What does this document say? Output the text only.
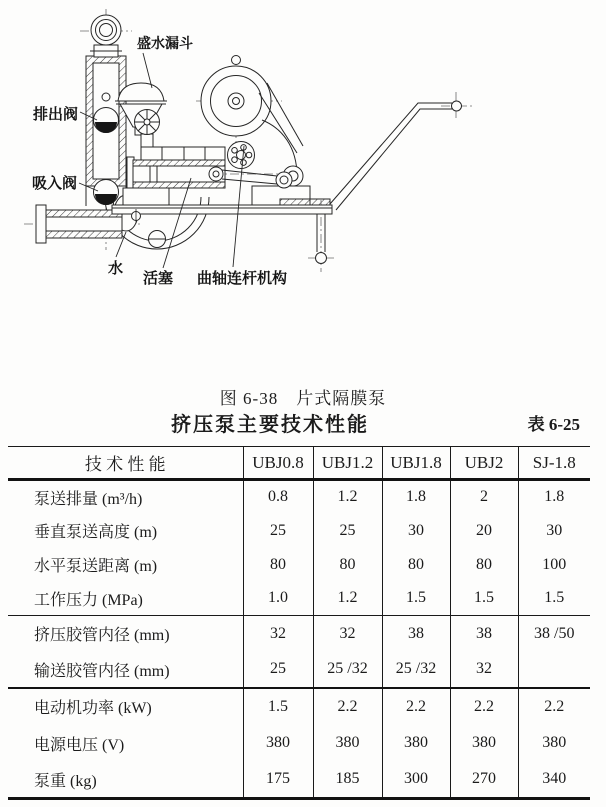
盛水漏斗
排出阀
吸入阀
水
活塞 曲轴连杆机构
图 6-38 片式隔膜泵
挤压泵主要技术性能	表 6-25
技 术 性 能	UBJ0.8	UBJ1.2	UBJ1.8	UBJ2	SJ-1.8
泵送排量 (m³/h)	0.8	1.2	1.8	2	1.8
垂直泵送高度 (m)	25	25	30	20	30
水平泵送距离 (m)	80	80	80	80	100
工作压力 (MPa)	1.0	1.2	1.5	1.5	1.5
挤压胶管内径 (mm)	32	32	38	38	38 /50
输送胶管内径 (mm)	25	25 /32	25 /32	32	
电动机功率 (kW)	1.5	2.2	2.2	2.2	2.2
电源电压 (V)	380	380	380	380	380
泵重 (kg)	175	185	300	270	340
